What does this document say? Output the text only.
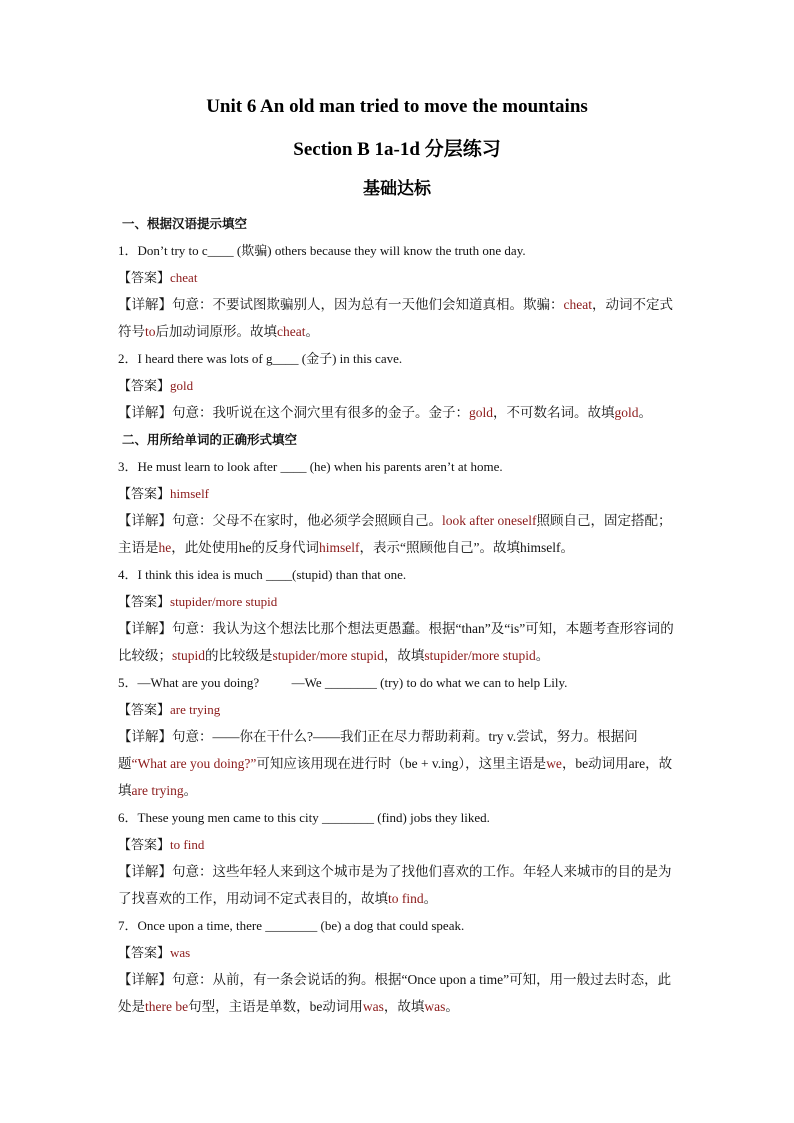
Unit 6 An old man tried to move the mountains
Section B 1a-1d 分层练习
基础达标
一、根据汉语提示填空
1．Don’t try to c____ (欺骗) others because they will know the truth one day.
【答案】cheat
【详解】句意：不要试图欺骗别人，因为总有一天他们会知道真相。欺骗：cheat，动词不定式符号to后加动词原形。故填cheat。
2．I heard there was lots of g____ (金子) in this cave.
【答案】gold
【详解】句意：我听说在这个洞穴里有很多的金子。金子：gold，不可数名词。故填gold。
二、用所给单词的正确形式填空
3．He must learn to look after ____ (he) when his parents aren’t at home.
【答案】himself
【详解】句意：父母不在家时，他必须学会照顾自己。look after oneself照顾自己，固定搭配；主语是he，此处使用he的反身代词himself，表示“照顾他自己”。故填himself。
4．I think this idea is much ____(stupid) than that one.
【答案】stupider/more stupid
【详解】句意：我认为这个想法比那个想法更愚蠢。根据“than”及“is”可知，本题考查形容词的比较级；stupid的比较级是stupider/more stupid，故填stupider/more stupid。
5．—What are you doing?          —We ________ (try) to do what we can to help Lily.
【答案】are trying
【详解】句意：——你在干什么?——我们正在尽力帮助莉莉。try v.尝试，努力。根据问题“What are you doing?”可知应该用现在进行时（be + v.ing），这里主语是we，be动词用are，故填are trying。
6．These young men came to this city ________ (find) jobs they liked.
【答案】to find
【详解】句意：这些年轻人来到这个城市是为了找他们喜欢的工作。年轻人来城市的目的是为了找喜欢的工作，用动词不定式表目的，故填to find。
7．Once upon a time, there ________ (be) a dog that could speak.
【答案】was
【详解】句意：从前，有一条会说话的狗。根据“Once upon a time”可知，用一般过去时态，此处是there be句型，主语是单数，be动词用was，故填was。
